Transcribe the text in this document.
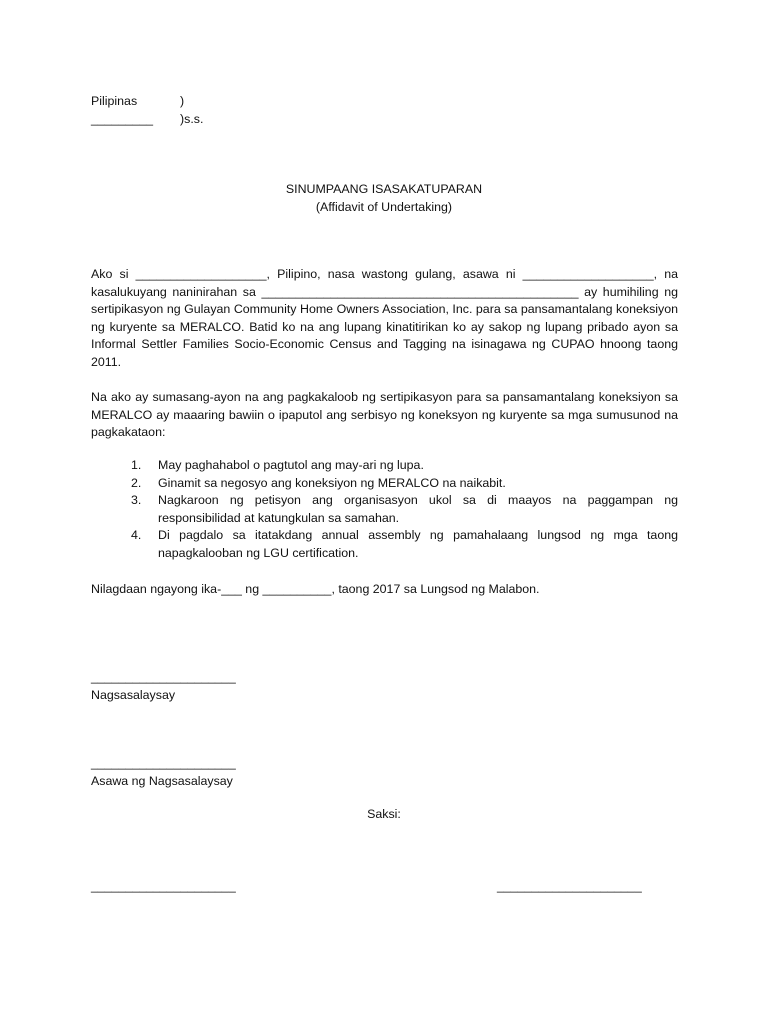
Pilipinas	)
_________	)s.s.
SINUMPAANG ISASAKATUPARAN
(Affidavit of Undertaking)

Ako si ___________________, Pilipino, nasa wastong gulang, asawa ni ___________________, na kasalukuyang naninirahan sa ______________________________________________ ay humihiling ng sertipikasyon ng Gulayan Community Home Owners Association, Inc. para sa pansamantalang koneksiyon ng kuryente sa MERALCO. Batid ko na ang lupang kinatitirikan ko ay sakop ng lupang pribado ayon sa Informal Settler Families Socio-Economic Census and Tagging na isinagawa ng CUPAO hnoong taong 2011.

Na ako ay sumasang-ayon na ang pagkakaloob ng sertipikasyon para sa pansamantalang koneksiyon sa MERALCO ay maaaring bawiin o ipaputol ang serbisyo ng koneksyon ng kuryente sa mga sumusunod na pagkakataon:

1.	May paghahabol o pagtutol ang may-ari ng lupa.
2.	Ginamit sa negosyo ang koneksiyon ng MERALCO na naikabit.
3.	Nagkaroon ng petisyon ang organisasyon ukol sa di maayos na paggampan ng responsibilidad at katungkulan sa samahan.
4.	Di pagdalo sa itatakdang annual assembly ng pamahalaang lungsod ng mga taong napagkalooban ng LGU certification.
Nilagdaan ngayong ika-___ ng __________, taong 2017 sa Lungsod ng Malabon.
_____________________
Nagsasalaysay
_____________________
Asawa ng Nagsasalaysay
Saksi:
_____________________	_____________________
